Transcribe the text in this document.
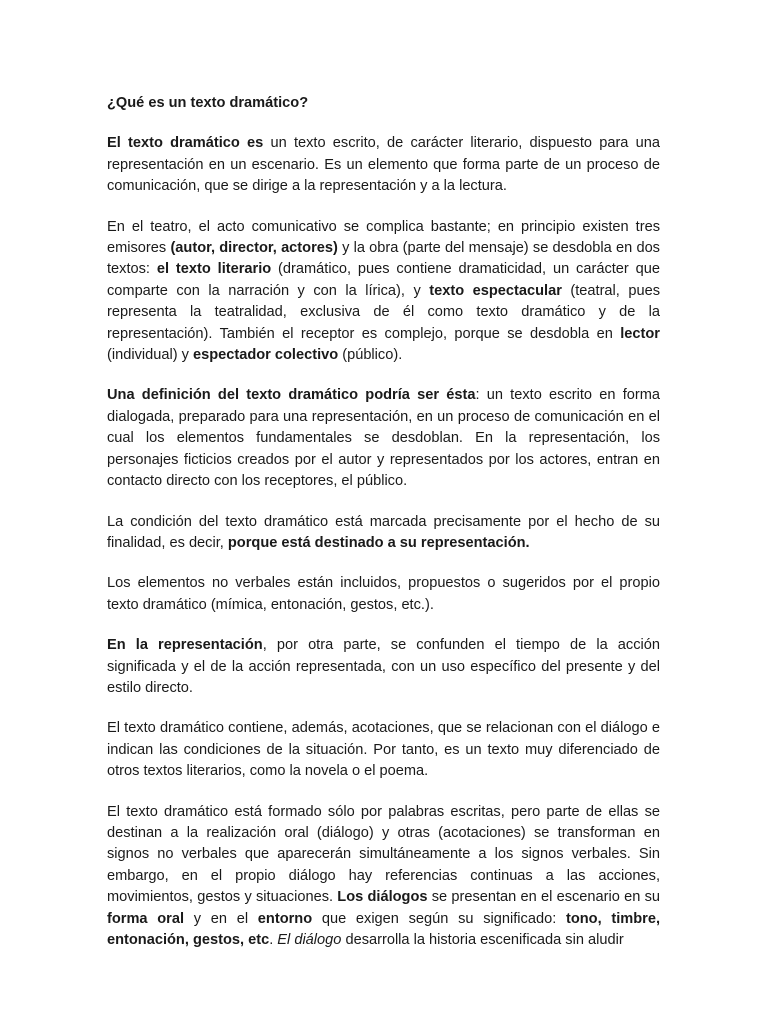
¿Qué es un texto dramático?

El texto dramático es un texto escrito, de carácter literario, dispuesto para una representación en un escenario. Es un elemento que forma parte de un proceso de comunicación, que se dirige a la representación y a la lectura.

En el teatro, el acto comunicativo se complica bastante; en principio existen tres emisores (autor, director, actores) y la obra (parte del mensaje) se desdobla en dos textos: el texto literario (dramático, pues contiene dramaticidad, un carácter que comparte con la narración y con la lírica), y texto espectacular (teatral, pues representa la teatralidad, exclusiva de él como texto dramático y de la representación). También el receptor es complejo, porque se desdobla en lector (individual) y espectador colectivo (público).

Una definición del texto dramático podría ser ésta: un texto escrito en forma dialogada, preparado para una representación, en un proceso de comunicación en el cual los elementos fundamentales se desdoblan. En la representación, los personajes ficticios creados por el autor y representados por los actores, entran en contacto directo con los receptores, el público.

La condición del texto dramático está marcada precisamente por el hecho de su finalidad, es decir, porque está destinado a su representación.

Los elementos no verbales están incluidos, propuestos o sugeridos por el propio texto dramático (mímica, entonación, gestos, etc.).

En la representación, por otra parte, se confunden el tiempo de la acción significada y el de la acción representada, con un uso específico del presente y del estilo directo.

El texto dramático contiene, además, acotaciones, que se relacionan con el diálogo e indican las condiciones de la situación. Por tanto, es un texto muy diferenciado de otros textos literarios, como la novela o el poema.

El texto dramático está formado sólo por palabras escritas, pero parte de ellas se destinan a la realización oral (diálogo) y otras (acotaciones) se transforman en signos no verbales que aparecerán simultáneamente a los signos verbales. Sin embargo, en el propio diálogo hay referencias continuas a las acciones, movimientos, gestos y situaciones. Los diálogos se presentan en el escenario en su forma oral y en el entorno que exigen según su significado: tono, timbre, entonación, gestos, etc. El diálogo desarrolla la historia escenificada sin aludir
